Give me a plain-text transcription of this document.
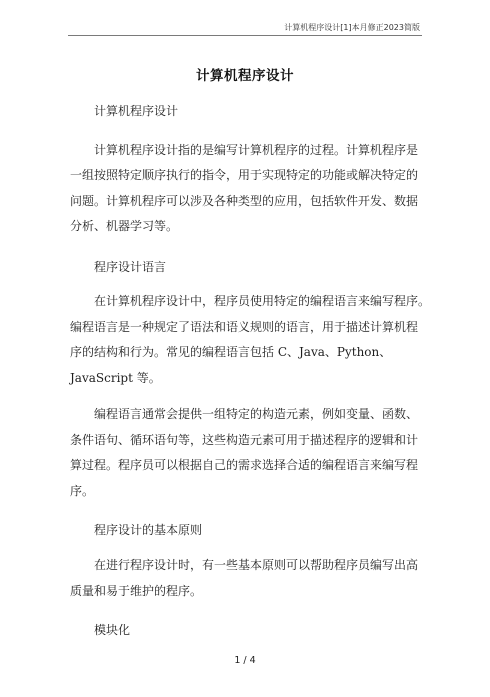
计算机程序设计[1]本月修正2023简版
计算机程序设计
计算机程序设计
计算机程序设计指的是编写计算机程序的过程。计算机程序是
一组按照特定顺序执行的指令，用于实现特定的功能或解决特定的
问题。计算机程序可以涉及各种类型的应用，包括软件开发、数据
分析、机器学习等。
程序设计语言
在计算机程序设计中，程序员使用特定的编程语言来编写程序。
编程语言是一种规定了语法和语义规则的语言，用于描述计算机程
序的结构和行为。常见的编程语言包括 C、Java、Python、
JavaScript 等。
编程语言通常会提供一组特定的构造元素，例如变量、函数、
条件语句、循环语句等，这些构造元素可用于描述程序的逻辑和计
算过程。程序员可以根据自己的需求选择合适的编程语言来编写程
序。
程序设计的基本原则
在进行程序设计时，有一些基本原则可以帮助程序员编写出高
质量和易于维护的程序。
模块化
1 / 4
